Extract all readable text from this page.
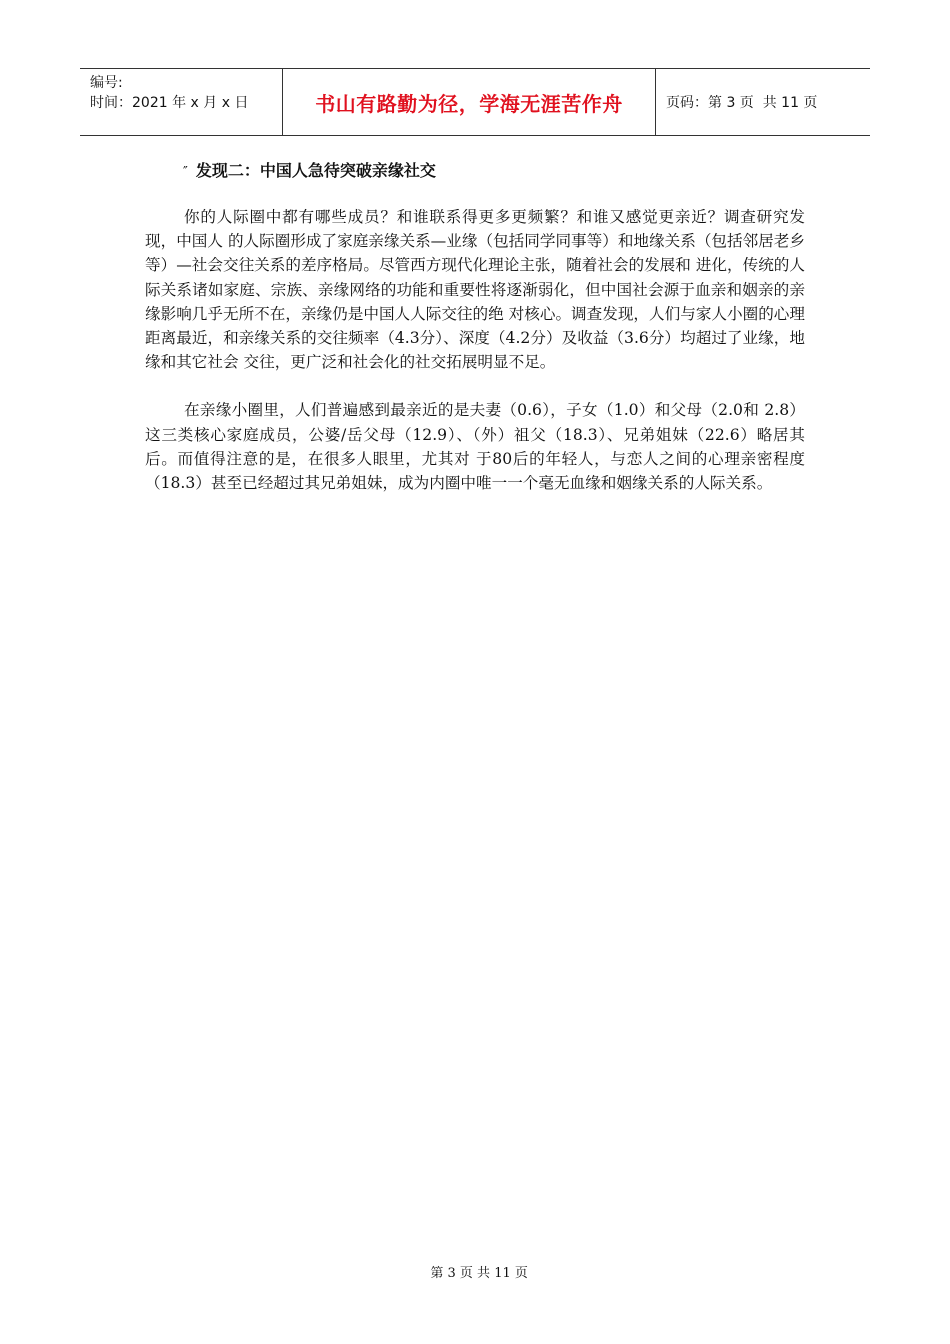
编号:
时间：2021 年 x 月 x 日	书山有路勤为径，学海无涯苦作舟	页码：第 3 页  共 11 页
″ 发现二：中国人急待突破亲缘社交

你的人际圈中都有哪些成员？和谁联系得更多更频繁？和谁又感觉更亲近？调查研究发现，中国人 的人际圈形成了家庭亲缘关系—业缘（包括同学同事等）和地缘关系（包括邻居老乡等）—社会交往关系的差序格局。尽管西方现代化理论主张，随着社会的发展和 进化，传统的人际关系诸如家庭、宗族、亲缘网络的功能和重要性将逐渐弱化，但中国社会源于血亲和姻亲的亲缘影响几乎无所不在，亲缘仍是中国人人际交往的绝 对核心。调查发现，人们与家人小圈的心理距离最近，和亲缘关系的交往频率（4.3分）、深度（4.2分）及收益（3.6分）均超过了业缘，地缘和其它社会 交往，更广泛和社会化的社交拓展明显不足。

在亲缘小圈里，人们普遍感到最亲近的是夫妻（0.6），子女（1.0）和父母（2.0和 2.8）这三类核心家庭成员，公婆/岳父母（12.9）、（外）祖父（18.3）、兄弟姐妹（22.6）略居其后。而值得注意的是，在很多人眼里，尤其对 于80后的年轻人，与恋人之间的心理亲密程度（18.3）甚至已经超过其兄弟姐妹，成为内圈中唯一一个毫无血缘和姻缘关系的人际关系。

第 3 页 共 11 页
